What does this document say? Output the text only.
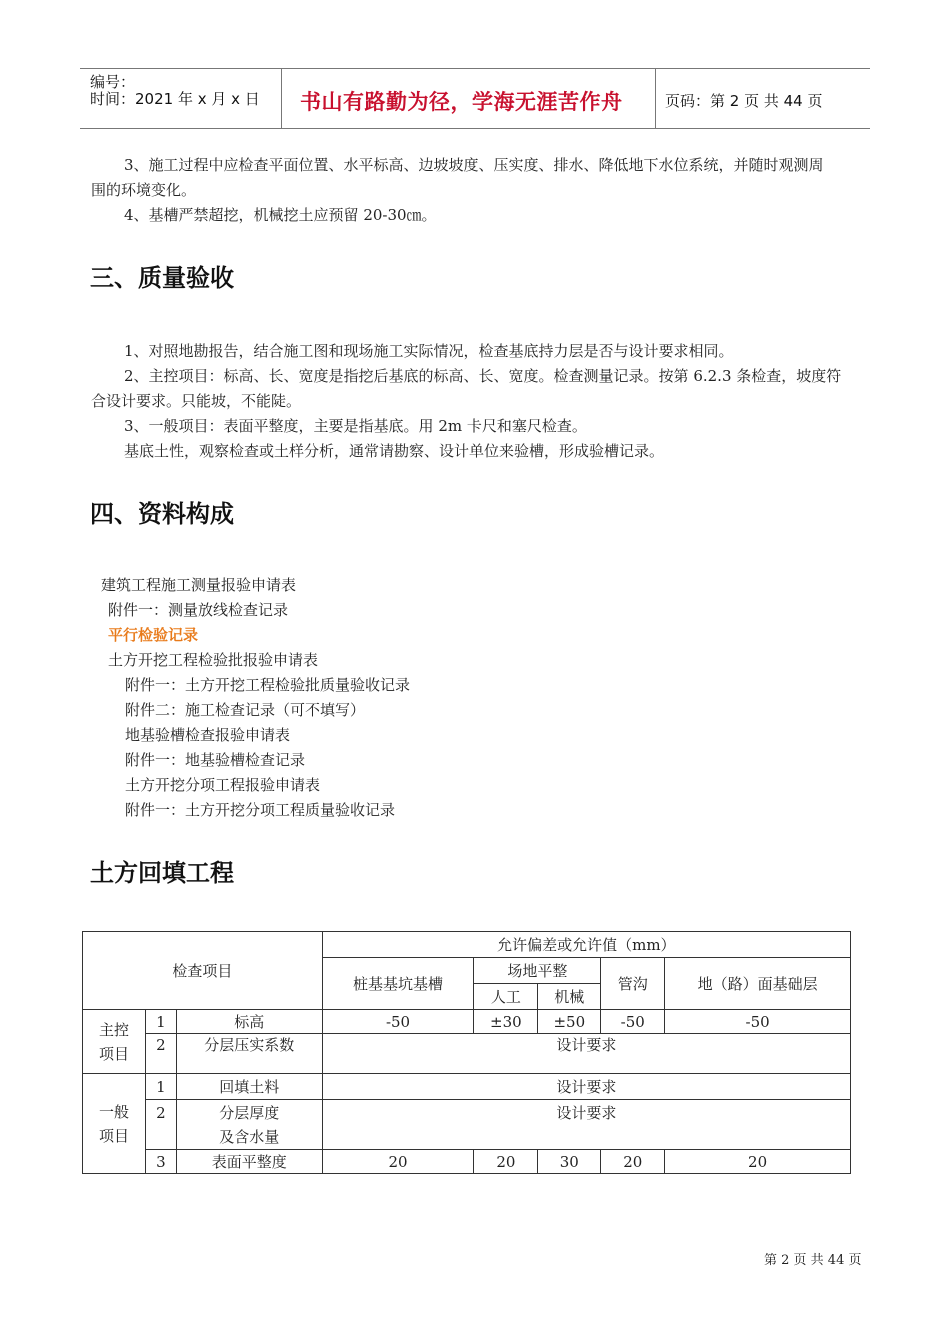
编号：
时间：2021 年 x 月 x 日 书山有路勤为径，学海无涯苦作舟	页码：第 2 页 共 44 页
3、施工过程中应检查平面位置、水平标高、边坡坡度、压实度、排水、降低地下水位系统，并随时观测周
围的环境变化。
4、基槽严禁超挖，机械挖土应预留 20-30㎝。
三、质量验收
1、对照地勘报告，结合施工图和现场施工实际情况，检查基底持力层是否与设计要求相同。
2、主控项目：标高、长、宽度是指挖后基底的标高、长、宽度。检查测量记录。按第 6.2.3 条检查，坡度符
合设计要求。只能坡，不能陡。
3、一般项目：表面平整度，主要是指基底。用 2m 卡尺和塞尺检查。
基底土性，观察检查或土样分析，通常请勘察、设计单位来验槽，形成验槽记录。
四、资料构成
建筑工程施工测量报验申请表
附件一：测量放线检查记录
平行检验记录
土方开挖工程检验批报验申请表
附件一：土方开挖工程检验批质量验收记录
附件二：施工检查记录（可不填写）
地基验槽检查报验申请表
附件一：地基验槽检查记录
土方开挖分项工程报验申请表
附件一：土方开挖分项工程质量验收记录
土方回填工程
检查项目			允许偏差或允许值（mm）				
			桩基基坑基槽	场地平整		管沟	地（路）面基础层
				人工	机械		
主控项目	1	标高	-50	±30	±50	-50	-50
	2	分层压实系数	设计要求				
一般项目	1	回填土料	设计要求				
	2	分层厚度
及含水量	设计要求				
	3	表面平整度	20	20	30	20	20
第 2 页 共 44 页
